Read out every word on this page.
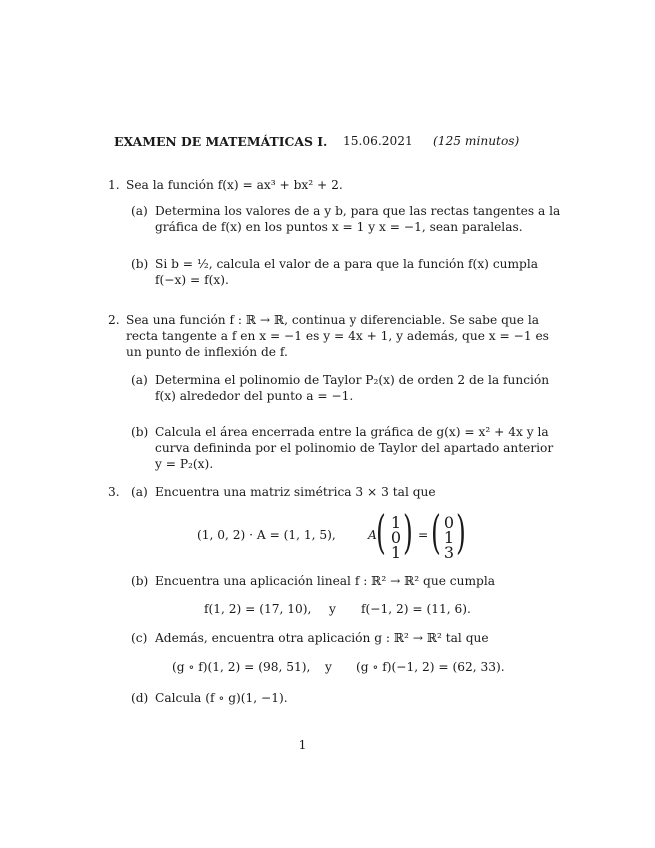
EXAMEN DE MATEMÁTICAS I. 15.06.2021 (125 minutos)
1. Sea la función f(x) = ax³ + bx² + 2.
(a) Determina los valores de a y b, para que las rectas tangentes a la
gráfica de f(x) en los puntos x = 1 y x = −1, sean paralelas.
(b) Si b = ½, calcula el valor de a para que la función f(x) cumpla
f(−x) = f(x).
2. Sea una función f : ℝ → ℝ, continua y diferenciable. Se sabe que la
recta tangente a f en x = −1 es y = 4x + 1, y además, que x = −1 es
un punto de inflexión de f.
(a) Determina el polinomio de Taylor P₂(x) de orden 2 de la función
f(x) alrededor del punto a = −1.
(b) Calcula el área encerrada entre la gráfica de g(x) = x² + 4x y la
curva defininda por el polinomio de Taylor del apartado anterior
y = P₂(x).
3. (a) Encuentra una matriz simétrica 3 × 3 tal que
(1, 0, 2) · A = (1, 1, 5),	A ( 1
0
1 ) = ( 0
1
3 )
(b) Encuentra una aplicación lineal f : ℝ² → ℝ² que cumpla
f(1, 2) = (17, 10), y f(−1, 2) = (11, 6).
(c) Además, encuentra otra aplicación g : ℝ² → ℝ² tal que
(g ∘ f)(1, 2) = (98, 51), y (g ∘ f)(−1, 2) = (62, 33).
(d) Calcula (f ∘ g)(1, −1).
1
